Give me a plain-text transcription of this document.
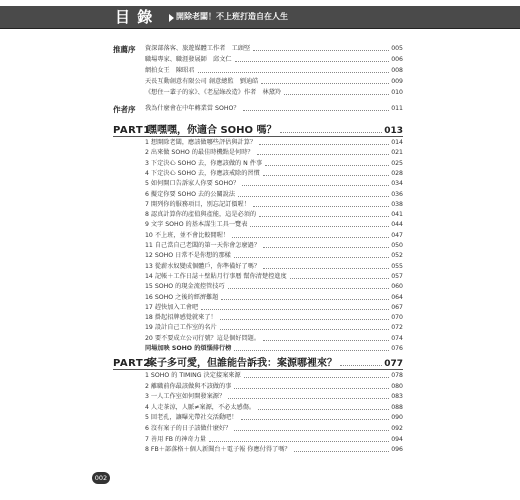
目 錄	開除老闆！不上班打造自在人生
推薦序 資深部落客、旅遊媒體工作者　工頭堅	005
職場專家、職涯發展師　邱文仁	006
網拍女王　陳昭君	008
天長互動創意有限公司 創意總監　劉迪皓	009
《想住一輩子的家》、《老屋綠改造》作者　林黛羚	010
作者序 我為什麼會在中年轉業當 SOHO？	011
PART1
嘿嘿嘿，你適合 SOHO 嗎？	013
1 想開除老闆，應該做哪些評估與計算？	014
2 出來做 SOHO 的最佳時機點是何時？	021
3 下定決心 SOHO 去，你應該做的 N 件事	025
4 下定決心 SOHO 去，你應該戒除的習慣	028
5 如何開口告訴家人你要 SOHO？	034
6 擬定你要 SOHO 去的公關說法	036
7 開列你的服務項目，別忘記訂價喔！	038
8 認真計算你的產值與產能，這是必須的	041
9 文字 SOHO 的基本謀生工具一覽表	044
10 不上班，並不會比較閒喔！	047
11 自己當自己老闆的第一天你會怎麼過？	050
12 SOHO 日常不是你想的那樣	052
13 從薪水奴變成個體戶，你準備好了嗎？	055
14 記帳＋工作日誌＋壁貼月行事曆 幫你清楚控進度	057
15 SOHO 的現金流控管技巧	060
16 SOHO 之後的經濟難題	064
17 趕快加入工會吧	067
18 掛起招牌感覺就來了！	070
19 設計自己工作室的名片	072
20 要不要成立公司行號？這是個好問題。	074
同場加映 SOHO 的煩惱排行榜	076
PART2
案子多可愛，但誰能告訴我：案源哪裡來？	077
1 SOHO 的 TIMING 決定接案來源	078
2 離職前你最該做與不該做的事	080
3 一人工作室如何開發案源？	083
4 人走茶涼，人脈≠案源，不必太感傷。	088
5 回老孔，讓曝光帶社交活動吧！	090
6 沒有案子的日子該做什麼好？	092
7 善用 FB 的神奇力量	094
8 FB＋部落格＋個人新聞台＋電子報 你應付得了嗎？	096
002
